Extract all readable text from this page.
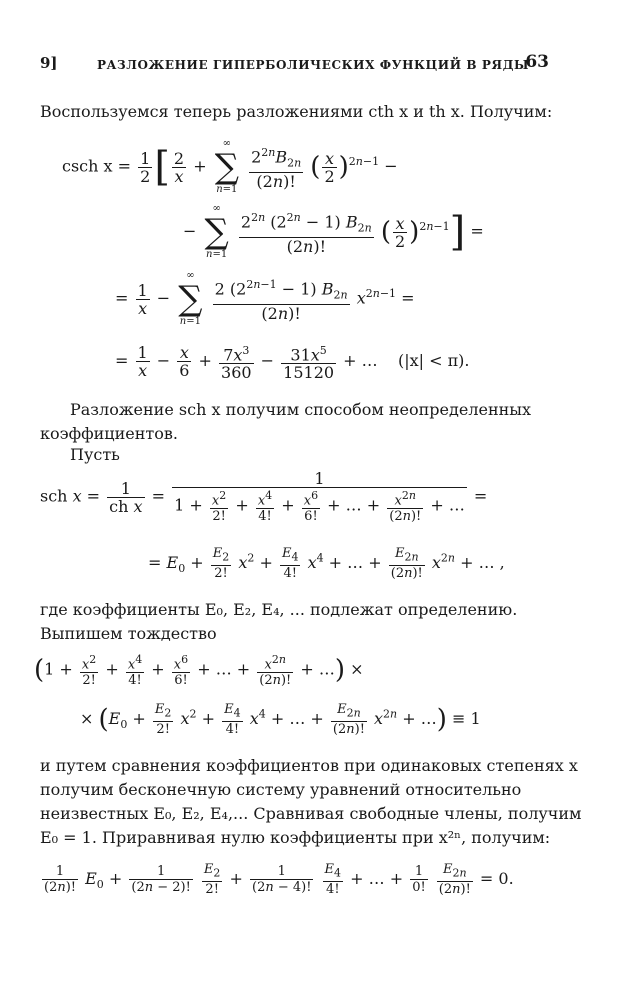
9]	РАЗЛОЖЕНИЕ ГИПЕРБОЛИЧЕСКИХ ФУНКЦИЙ В РЯДЫ
63
Воспользуемся теперь разложениями cth x и th x. Получим:
csch $x = \frac{1}{2}$ [ $\frac{2}{x}$ +
∞
∑
n=1
$\frac{2^{2n}B_{2n}}{(2n)!}$ ( $\frac{x}{2} )^{2n-1}$ −
−
∞
∑
n=1
$\frac{2^{2n} (2^{2n} - 1) B_{2n}}{(2n)!}$ ( $\frac{x}{2} )^{2n-1}$] =
= $\frac{1}{x}$ −
∞
∑
n=1
$\frac{2 (2^{2n-1} - 1) B_{2n}}{(2n)!} x^{2n-1}$ =
= $\frac{1}{x} - \frac{x}{6} + \frac{7x^3}{360} - \frac{31x^5}{15120}$ + …    (|x| < π).
Разложение sch x получим способом неопределенных коэффициентов.
Пусть
sch $x = \frac{1}{\text{ch x}} = \frac{1}{1 + \frac{x^2}{2!} + \frac{x^4}{4!} + \frac{x^6}{6!} + \dots + \frac{x^{2n}}{(2n)!} + \dots}$ =
= $E_0 + \frac{E_2}{2!} x^2 + \frac{E_4}{4!} x^4$ + … + $\frac{E_{2n}}{(2n)!} x^{2n}$ + … ,
где коэффициенты E₀, E₂, E₄, ... подлежат определению. Выпишем тождество
($1 + \frac{x^2}{2!} + \frac{x^4}{4!} + \frac{x^6}{6!}$ + … + $\frac{x^{2n}}{(2n)!}$ + …) ×
× ($E_0 + \frac{E_2}{2!} x^2 + \frac{E_4}{4!} x^4$ + … + $\frac{E_{2n}}{(2n)!} x^{2n}$ + …) ≡ 1
и путем сравнения коэффициентов при одинаковых степенях x получим бесконечную систему уравнений относительно неизвестных E₀, E₂, E₄,... Сравнивая свободные члены, получим E₀ = 1. Приравнивая нулю коэффициенты при x²ⁿ, получим:
$\frac{1}{(2n)!} E_0 + \frac{1}{(2n - 2)!}$
$\frac{E_2}{2!} + \frac{1}{(2n - 4)!}$
$\frac{E_4}{4!}$ + … + $\frac{1}{0!}$
$\frac{E_{2n}}{(2n)!} = 0$.
